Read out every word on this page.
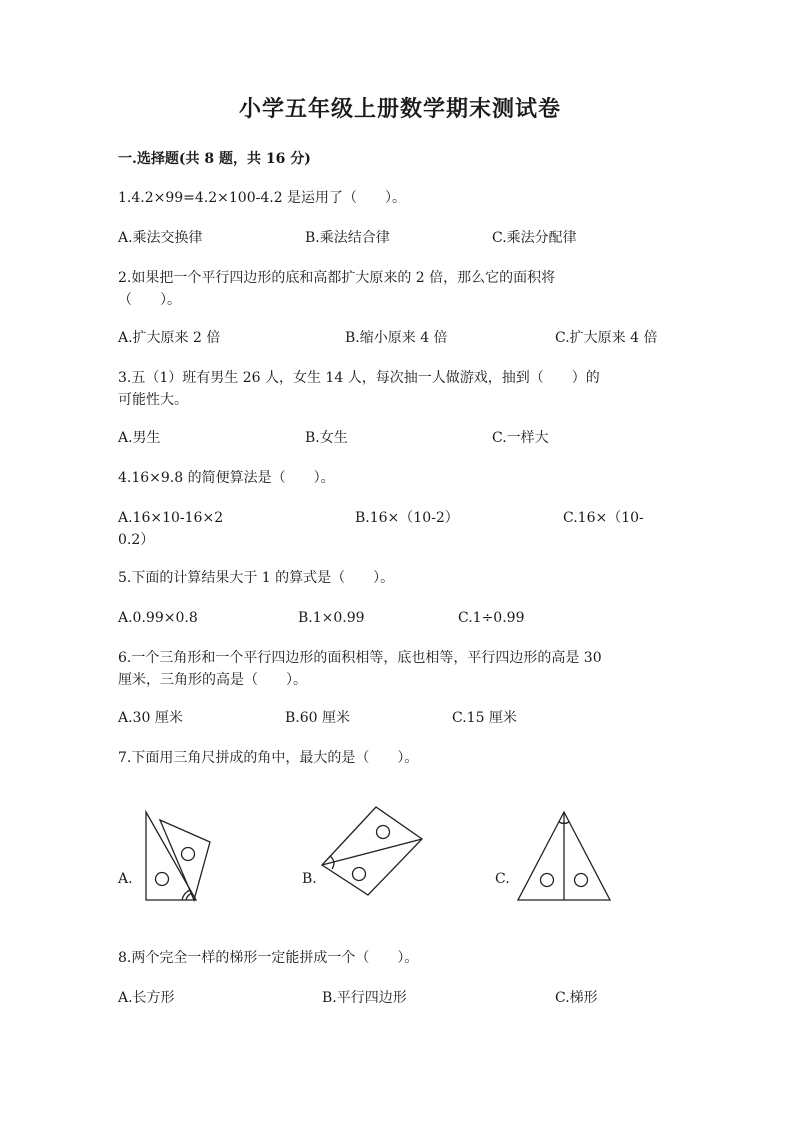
小学五年级上册数学期末测试卷
一.选择题(共 8 题，共 16 分)
1.4.2×99=4.2×100-4.2 是运用了（　　）。
A.乘法交换律	B.乘法结合律	C.乘法分配律
2.如果把一个平行四边形的底和高都扩大原来的 2 倍，那么它的面积将
（　　）。
A.扩大原来 2 倍	B.缩小原来 4 倍	C.扩大原来 4 倍
3.五（1）班有男生 26 人，女生 14 人，每次抽一人做游戏，抽到（　　）的
可能性大。
A.男生	B.女生	C.一样大
4.16×9.8 的简便算法是（　　）。
A.16×10-16×2	B.16×（10-2）	C.16×（10-
0.2）
5.下面的计算结果大于 1 的算式是（　　）。
A.0.99×0.8	B.1×0.99	C.1÷0.99
6.一个三角形和一个平行四边形的面积相等，底也相等，平行四边形的高是 30
厘米，三角形的高是（　　）。
A.30 厘米	B.60 厘米	C.15 厘米
7.下面用三角尺拼成的角中，最大的是（　　）。
A.	B.	C.
8.两个完全一样的梯形一定能拼成一个（　　）。
A.长方形	B.平行四边形	C.梯形
